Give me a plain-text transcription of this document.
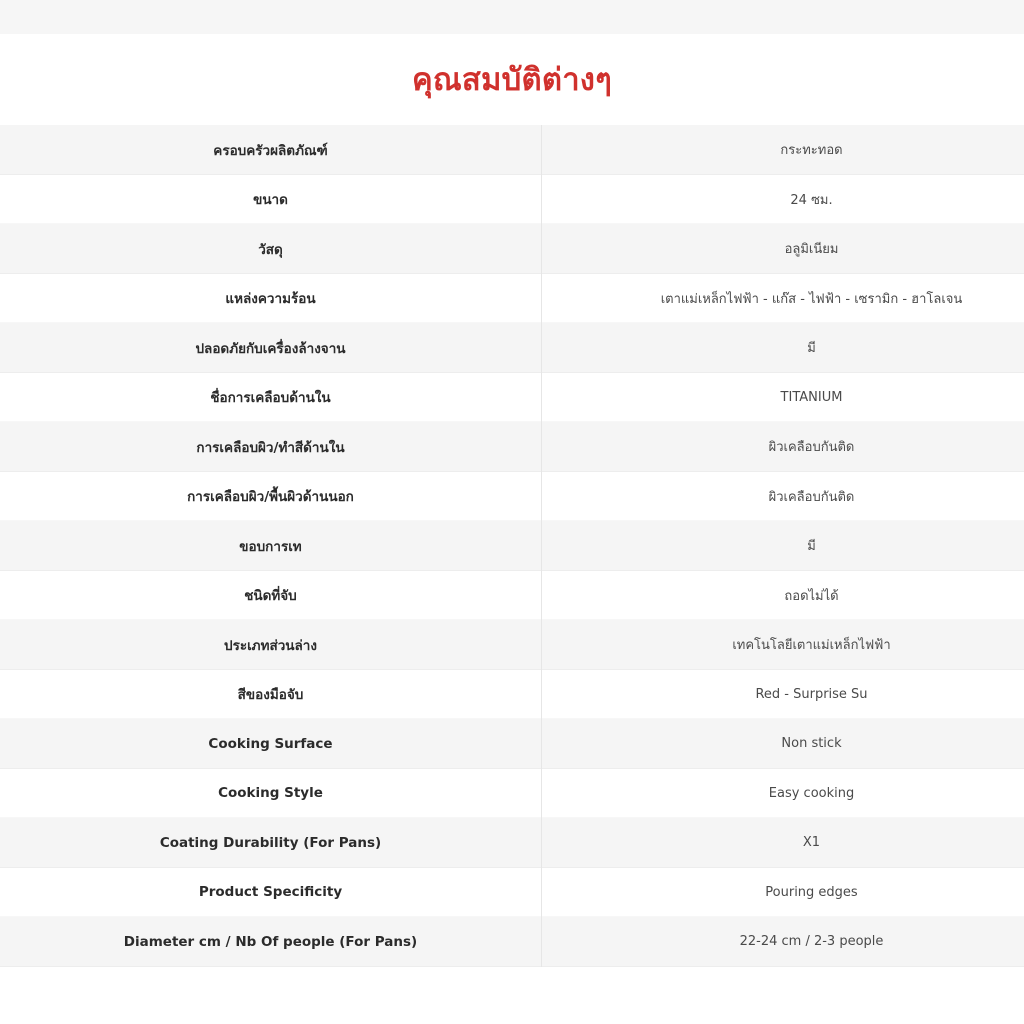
คุณสมบัติต่างๆ
ครอบครัวผลิตภัณฑ์	กระทะทอด
ขนาด	24 ซม.
วัสดุ	อลูมิเนียม
แหล่งความร้อน	เตาแม่เหล็กไฟฟ้า - แก๊ส - ไฟฟ้า - เซรามิก - ฮาโลเจน
ปลอดภัยกับเครื่องล้างจาน	มี
ชื่อการเคลือบด้านใน	TITANIUM
การเคลือบผิว/ทำสีด้านใน	ผิวเคลือบกันติด
การเคลือบผิว/พื้นผิวด้านนอก	ผิวเคลือบกันติด
ขอบการเท	มี
ชนิดที่จับ	ถอดไม่ได้
ประเภทส่วนล่าง	เทคโนโลยีเตาแม่เหล็กไฟฟ้า
สีของมือจับ	Red - Surprise Su
Cooking Surface	Non stick
Cooking Style	Easy cooking
Coating Durability (For Pans)	X1
Product Specificity	Pouring edges
Diameter cm / Nb Of people (For Pans)	22-24 cm / 2-3 people
